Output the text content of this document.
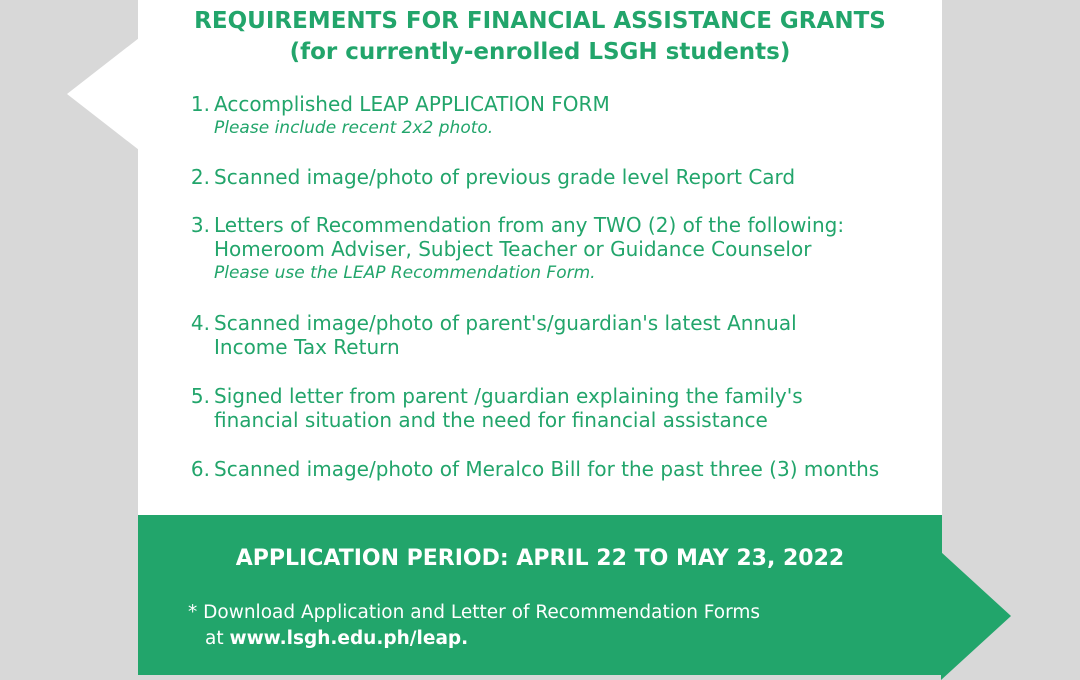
REQUIREMENTS FOR FINANCIAL ASSISTANCE GRANTS
(for currently-enrolled LSGH students)
1. Accomplished LEAP APPLICATION FORM
Please include recent 2x2 photo.
2. Scanned image/photo of previous grade level Report Card
3. Letters of Recommendation from any TWO (2) of the following:
Homeroom Adviser, Subject Teacher or Guidance Counselor
Please use the LEAP Recommendation Form.
4. Scanned image/photo of parent's/guardian's latest Annual
Income Tax Return
5. Signed letter from parent /guardian explaining the family's
financial situation and the need for financial assistance
6. Scanned image/photo of Meralco Bill for the past three (3) months
APPLICATION PERIOD: APRIL 22 TO MAY 23, 2022
* Download Application and Letter of Recommendation Forms
at www.lsgh.edu.ph/leap.
